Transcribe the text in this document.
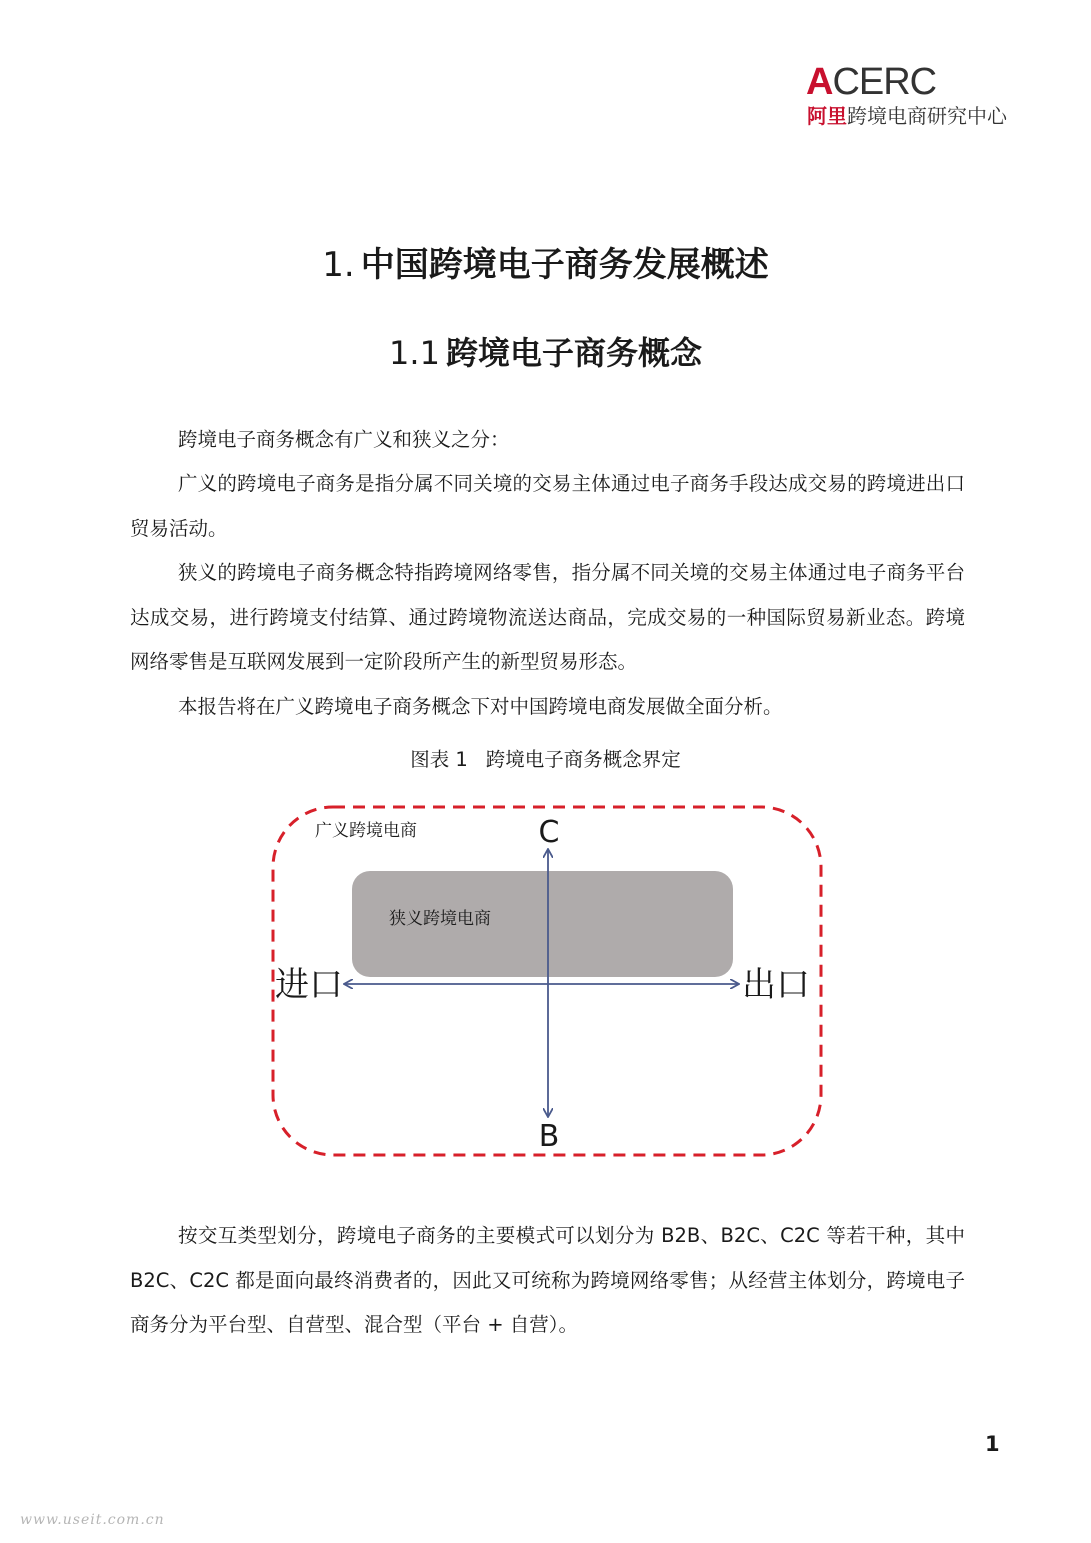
ACERC
阿里跨境电商研究中心
1. 中国跨境电子商务发展概述
1.1 跨境电子商务概念

跨境电子商务概念有广义和狭义之分：

广义的跨境电子商务是指分属不同关境的交易主体通过电子商务手段达成交易的跨境进出口贸易活动。

狭义的跨境电子商务概念特指跨境网络零售，指分属不同关境的交易主体通过电子商务平台达成交易，进行跨境支付结算、通过跨境物流送达商品，完成交易的一种国际贸易新业态。跨境网络零售是互联网发展到一定阶段所产生的新型贸易形态。

本报告将在广义跨境电子商务概念下对中国跨境电商发展做全面分析。

图表 1 跨境电子商务概念界定
广义跨境电商
狭义跨境电商
C
B
进口	出口

按交互类型划分，跨境电子商务的主要模式可以划分为 B2B、B2C、C2C 等若干种，其中B2C、C2C 都是面向最终消费者的，因此又可统称为跨境网络零售；从经营主体划分，跨境电子商务分为平台型、自营型、混合型（平台 + 自营）。

1
www.useit.com.cn
